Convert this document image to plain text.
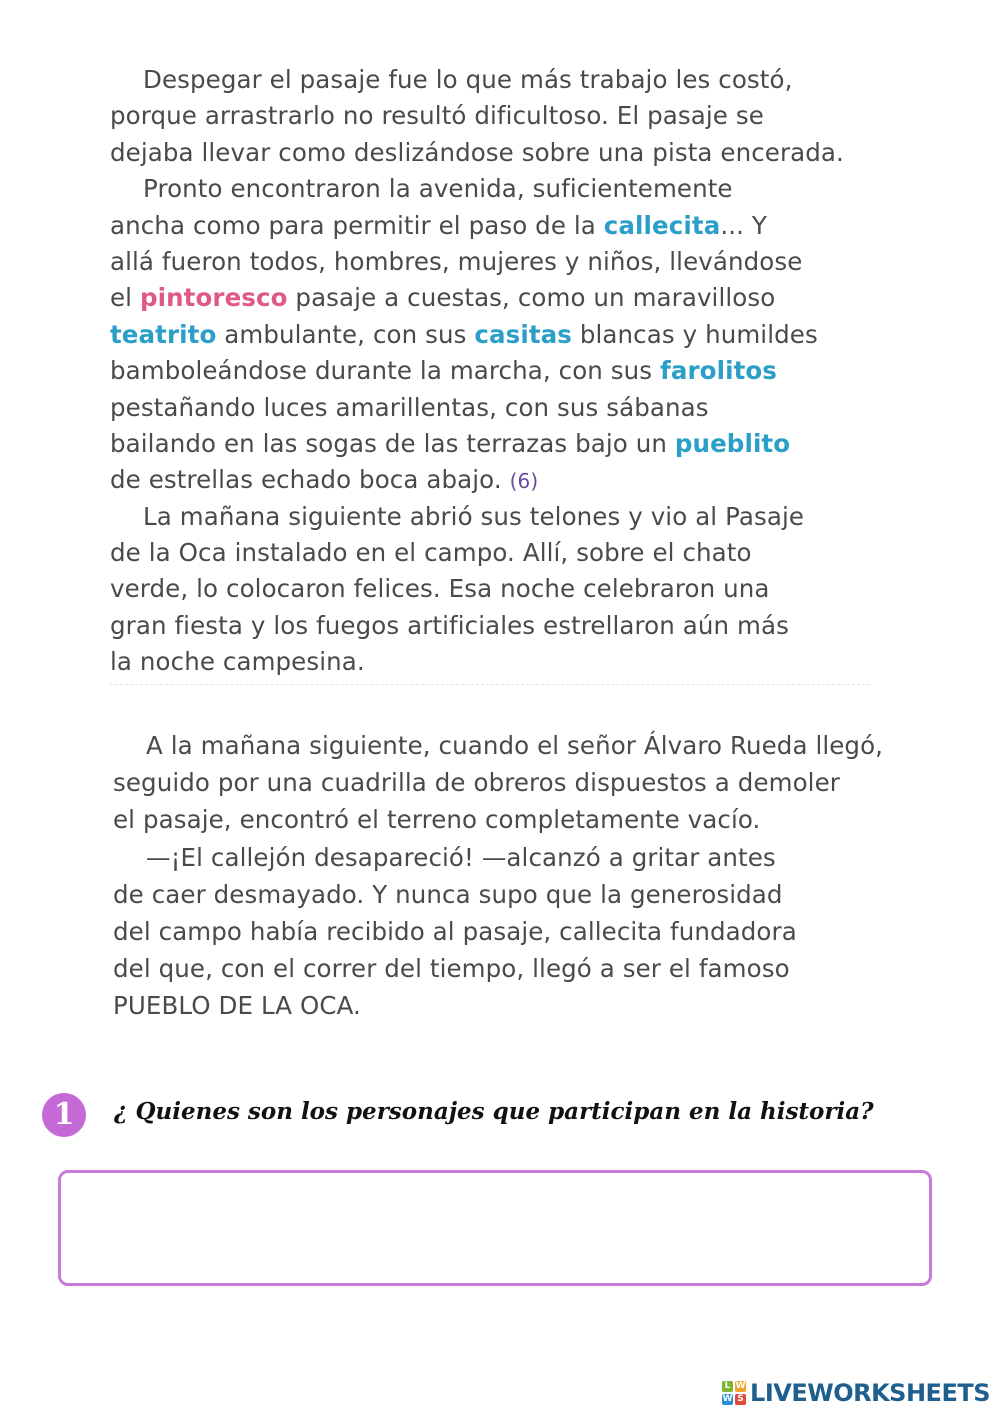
Despegar el pasaje fue lo que más trabajo les costó,
porque arrastrarlo no resultó dificultoso. El pasaje se
dejaba llevar como deslizándose sobre una pista encerada.
Pronto encontraron la avenida, suficientemente
ancha como para permitir el paso de la callecita... Y
allá fueron todos, hombres, mujeres y niños, llevándose
el pintoresco pasaje a cuestas, como un maravilloso
teatrito ambulante, con sus casitas blancas y humildes
bamboleándose durante la marcha, con sus farolitos
pestañando luces amarillentas, con sus sábanas
bailando en las sogas de las terrazas bajo un pueblito
de estrellas echado boca abajo. (6)
La mañana siguiente abrió sus telones y vio al Pasaje
de la Oca instalado en el campo. Allí, sobre el chato
verde, lo colocaron felices. Esa noche celebraron una
gran fiesta y los fuegos artificiales estrellaron aún más
la noche campesina.
A la mañana siguiente, cuando el señor Álvaro Rueda llegó,
seguido por una cuadrilla de obreros dispuestos a demoler
el pasaje, encontró el terreno completamente vacío.
—¡El callejón desapareció! —alcanzó a gritar antes
de caer desmayado. Y nunca supo que la generosidad
del campo había recibido al pasaje, callecita fundadora
del que, con el correr del tiempo, llegó a ser el famoso
PUEBLO DE LA OCA.
1	¿ Quienes son los personajes que participan en la historia?
L W
W S LIVEWORKSHEETS
